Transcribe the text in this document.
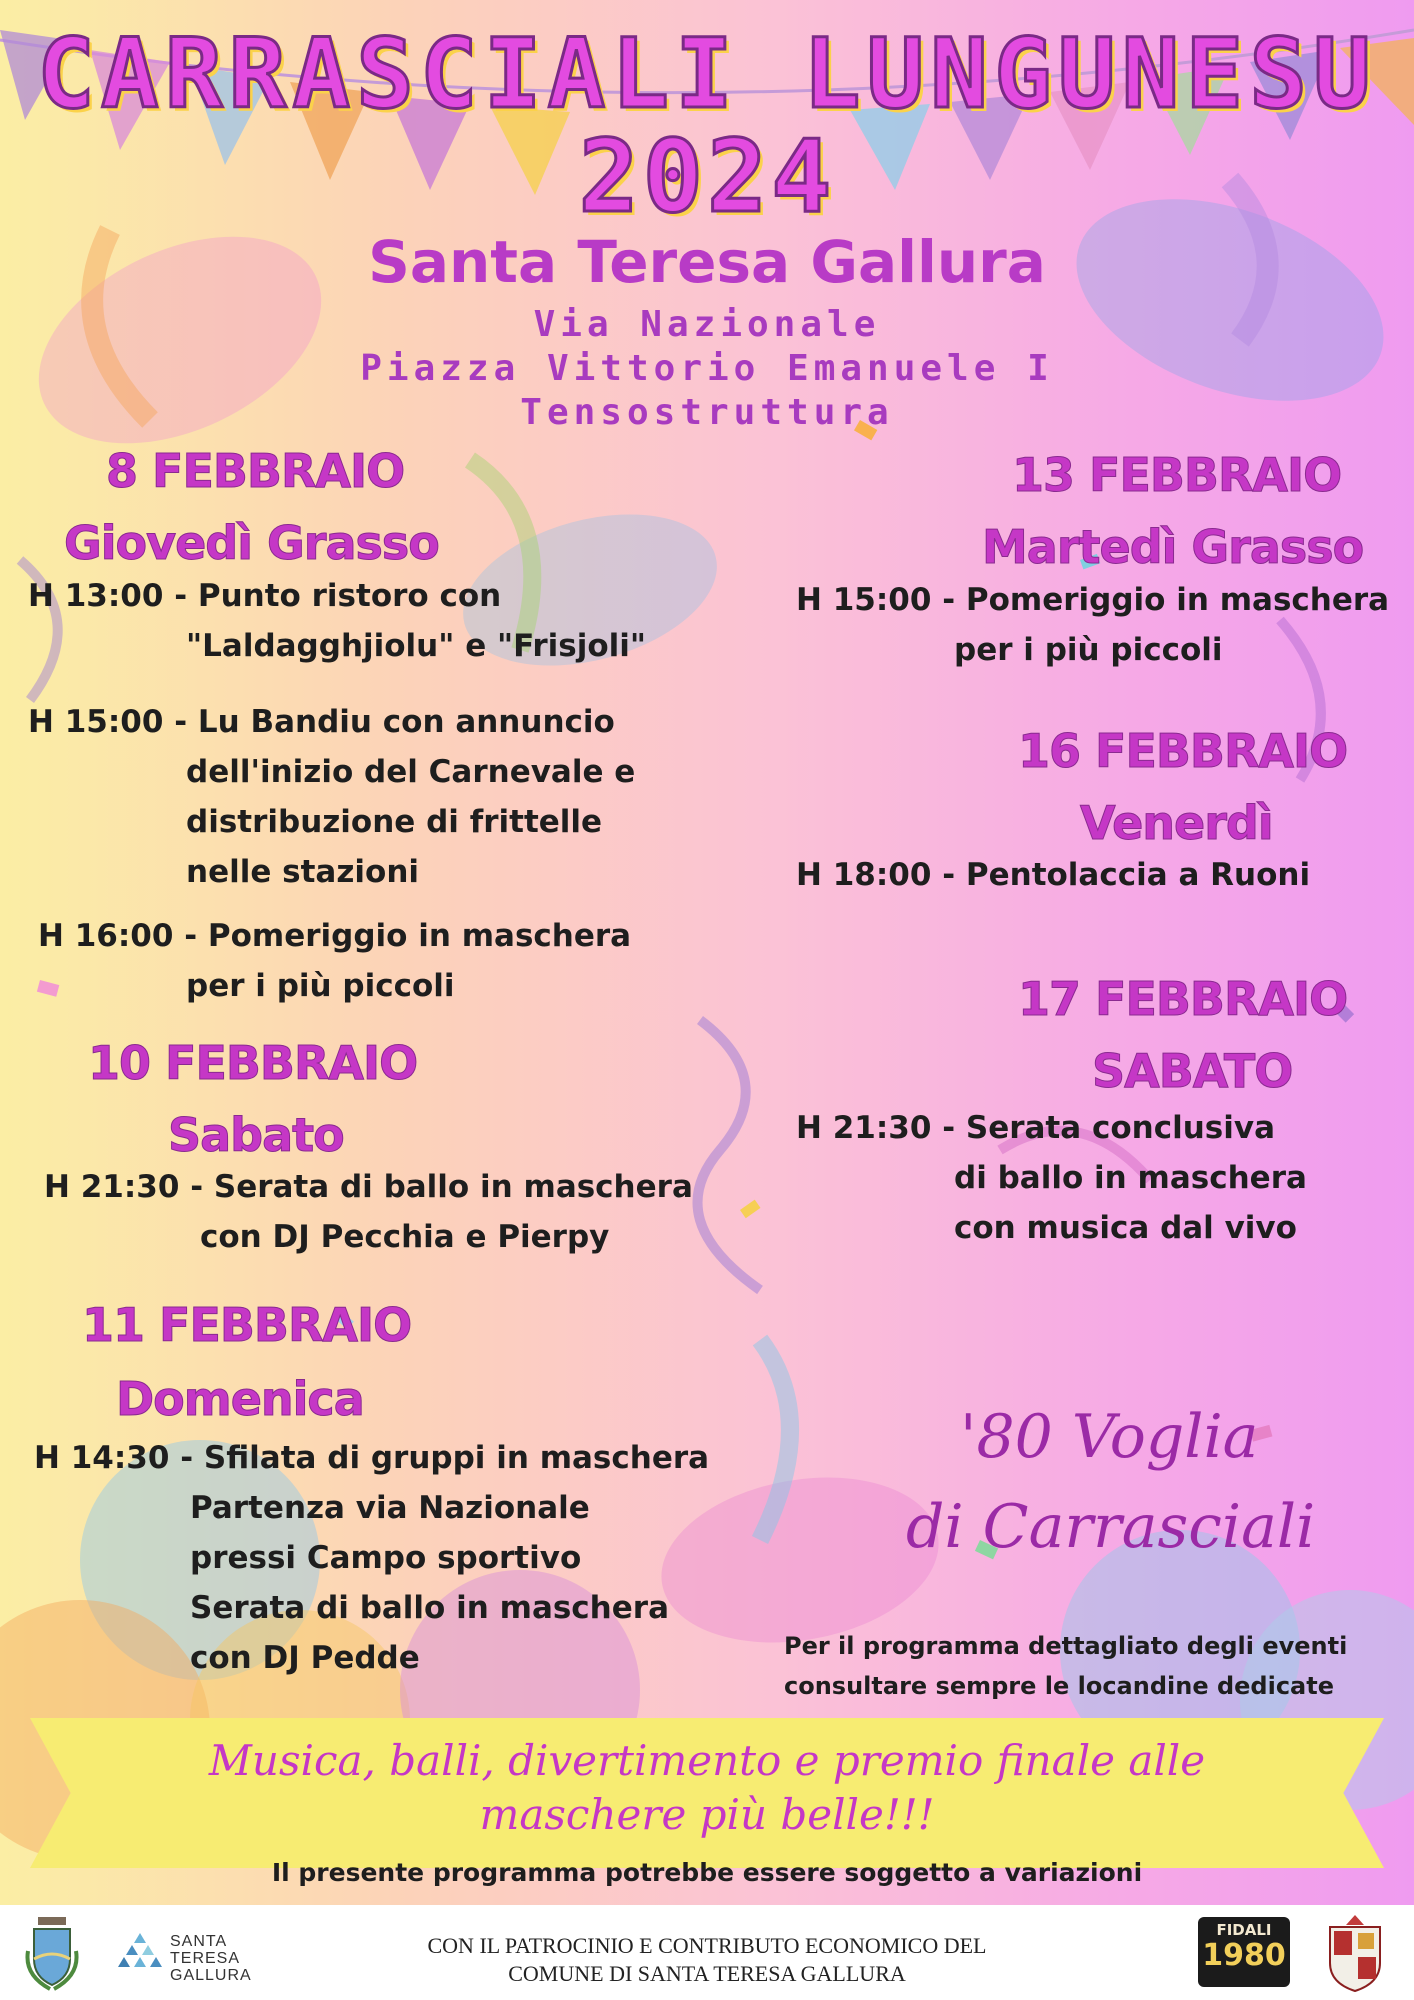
CARRASCIALI LUNGUNESU
2024
Santa Teresa Gallura
Via Nazionale
Piazza Vittorio Emanuele I
Tensostruttura
8 FEBBRAIO
Giovedì Grasso
H 13:00 - Punto ristoro con
"Laldagghjiolu" e "Frisjoli"
H 15:00 - Lu Bandiu con annuncio
dell'inizio del Carnevale e
distribuzione di frittelle
nelle stazioni
H 16:00 - Pomeriggio in maschera
per i più piccoli
10 FEBBRAIO
Sabato
H 21:30 - Serata di ballo in maschera
con DJ Pecchia e Pierpy
11 FEBBRAIO
Domenica
H 14:30 - Sfilata di gruppi in maschera
Partenza via Nazionale
pressi Campo sportivo
Serata di ballo in maschera
con DJ Pedde
13 FEBBRAIO
Martedì Grasso
H 15:00 - Pomeriggio in maschera
per i più piccoli
16 FEBBRAIO
Venerdì
H 18:00 - Pentolaccia a Ruoni
17 FEBBRAIO
SABATO
H 21:30 - Serata conclusiva
di ballo in maschera
con musica dal vivo
'80 Voglia
di Carrasciali
Per il programma dettagliato degli eventi
consultare sempre le locandine dedicate
Musica, balli, divertimento e premio finale alle
maschere più belle!!!
Il presente programma potrebbe essere soggetto a variazioni
SANTA
TERESA
GALLURA
CON IL PATROCINIO E CONTRIBUTO ECONOMICO DEL
COMUNE DI SANTA TERESA GALLURA
FIDALI
1980
